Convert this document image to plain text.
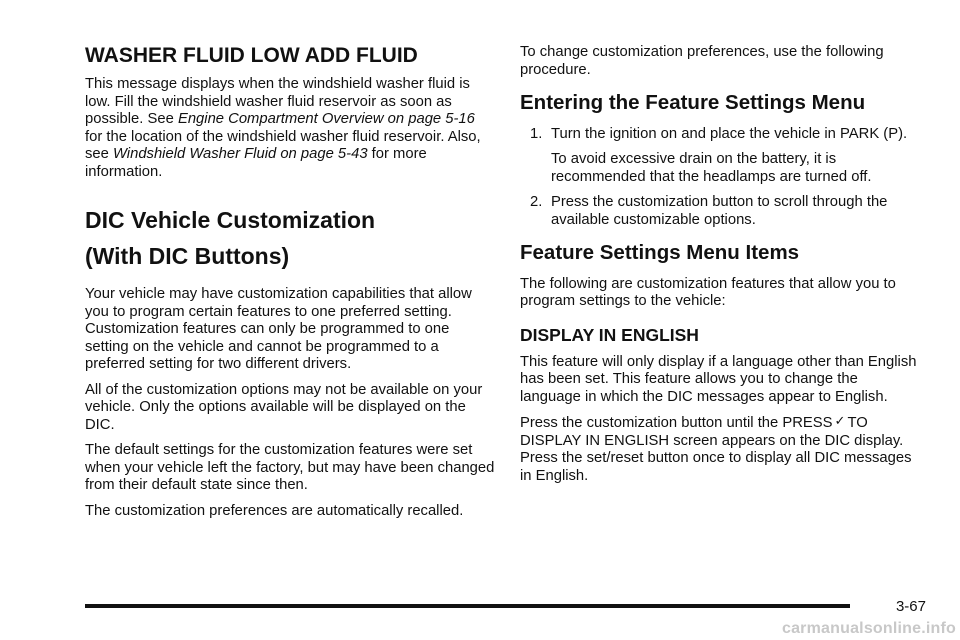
WASHER FLUID LOW ADD FLUID

This message displays when the windshield washer fluid is low. Fill the windshield washer fluid reservoir as soon as possible. See Engine Compartment Overview on page 5-16 for the location of the windshield washer fluid reservoir. Also, see Windshield Washer Fluid on page 5-43 for more information.

DIC Vehicle Customization
(With DIC Buttons)

Your vehicle may have customization capabilities that allow you to program certain features to one preferred setting. Customization features can only be programmed to one setting on the vehicle and cannot be programmed to a preferred setting for two different drivers.

All of the customization options may not be available on your vehicle. Only the options available will be displayed on the DIC.

The default settings for the customization features were set when your vehicle left the factory, but may have been changed from their default state since then.

The customization preferences are automatically recalled.

To change customization preferences, use the following procedure.

Entering the Feature Settings Menu
1. Turn the ignition on and place the vehicle in PARK (P).

To avoid excessive drain on the battery, it is recommended that the headlamps are turned off.

2. Press the customization button to scroll through the available customizable options.
Feature Settings Menu Items

The following are customization features that allow you to program settings to the vehicle:

DISPLAY IN ENGLISH

This feature will only display if a language other than English has been set. This feature allows you to change the language in which the DIC messages appear to English.

Press the customization button until the PRESS ✓ TO DISPLAY IN ENGLISH screen appears on the DIC display. Press the set/reset button once to display all DIC messages in English.

3-67
carmanualsonline.info
